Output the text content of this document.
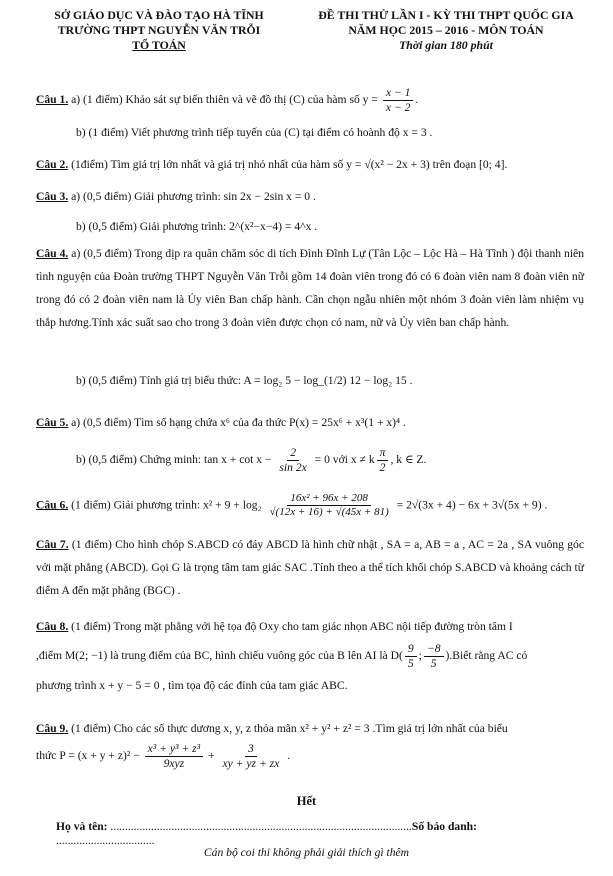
SỞ GIÁO DỤC VÀ ĐÀO TẠO HÀ TĨNH
TRƯỜNG THPT NGUYỄN VĂN TRỖI
TỔ TOÁN
ĐỀ THI THỬ LẦN I - KỲ THI THPT QUỐC GIA
NĂM HỌC 2015 – 2016 - MÔN TOÁN
Thời gian 180 phút
Câu 1. a) (1 điểm) Khảo sát sự biến thiên và vẽ đồ thị (C) của hàm số $y = \frac{x - 1}{x - 2}$ .
b) (1 điểm) Viết phương trình tiếp tuyến của (C) tại điểm có hoành độ x = 3 .
Câu 2. (1điểm) Tìm giá trị lớn nhất và giá trị nhỏ nhất của hàm số y = √(x² − 2x + 3) trên đoạn [0; 4].
Câu 3. a) (0,5 điểm) Giải phương trình: sin 2x − 2sin x = 0 .
b) (0,5 điểm) Giải phương trình: 2^(x²−x−4) = 4^x .
Câu 4. a) (0,5 điểm) Trong dịp ra quân chăm sóc di tích Đình Đĩnh Lự (Tân Lộc – Lộc Hà – Hà Tĩnh ) đội thanh niên tình nguyện của Đoàn trường THPT Nguyễn Văn Trỗi gồm 14 đoàn viên trong đó có 6 đoàn viên nam 8 đoàn viên nữ trong đó có 2 đoàn viên nam là Ủy viên Ban chấp hành. Cần chọn ngẫu nhiên một nhóm 3 đoàn viên làm nhiệm vụ thắp hương.Tính xác suất sao cho trong 3 đoàn viên được chọn có nam, nữ và Ủy viên ban chấp hành.
b) (0,5 điểm) Tính giá trị biểu thức: A = log₂ 5 − log_(1/2) 12 − log₂ 15 .
Câu 5. a) (0,5 điểm) Tìm số hạng chứa x⁶ của đa thức P(x) = 25x⁶ + x³(1 + x)⁴ .
b) (0,5 điểm) Chứng minh: $\tan x + \cot x - \frac{2}{\sin 2x} = 0$ với x ≠ k $\frac{\pi}{2}$ , k ∈ Z.
Câu 6. (1 điểm) Giải phương trình: $x^2 + 9 + \log_2 \frac{\text{16x² + 96x + 208}}{√(12x + 16) + √(45x + 81)} = 2√(3x + 4) - 6x + 3√(5x + 9)$ .
Câu 7. (1 điểm) Cho hình chóp S.ABCD có đáy ABCD là hình chữ nhật , SA = a, AB = a , AC = 2a , SA vuông góc với mặt phẳng (ABCD). Gọi G là trọng tâm tam giác SAC .Tính theo a thể tích khối chóp S.ABCD và khoảng cách từ điểm A đến mặt phẳng (BGC) .
Câu 8. (1 điểm) Trong mặt phẳng với hệ tọa độ Oxy cho tam giác nhọn ABC nội tiếp đường tròn tâm I
,điểm M(2; −1) là trung điểm của BC, hình chiếu vuông góc của B lên AI là $D( \frac{9}{5}$ ; $\frac{-8}{5}$ ).Biết rằng AC có
phương trình x + y − 5 = 0 , tìm tọa độ các đỉnh của tam giác ABC.
Câu 9. (1 điểm) Cho các số thực dương x, y, z thỏa mãn x² + y² + z² = 3 .Tìm giá trị lớn nhất của biểu
thức $P = (x + y + z)^2 - \frac{\text{x³ + y³ + z³}}{\text{9xyz}} + \frac{3}{xy + yz + zx}$ .
Hết
Họ và tên: ........................................................................................................Số báo danh: ..................................
Cán bộ coi thi không phải giải thích gì thêm
